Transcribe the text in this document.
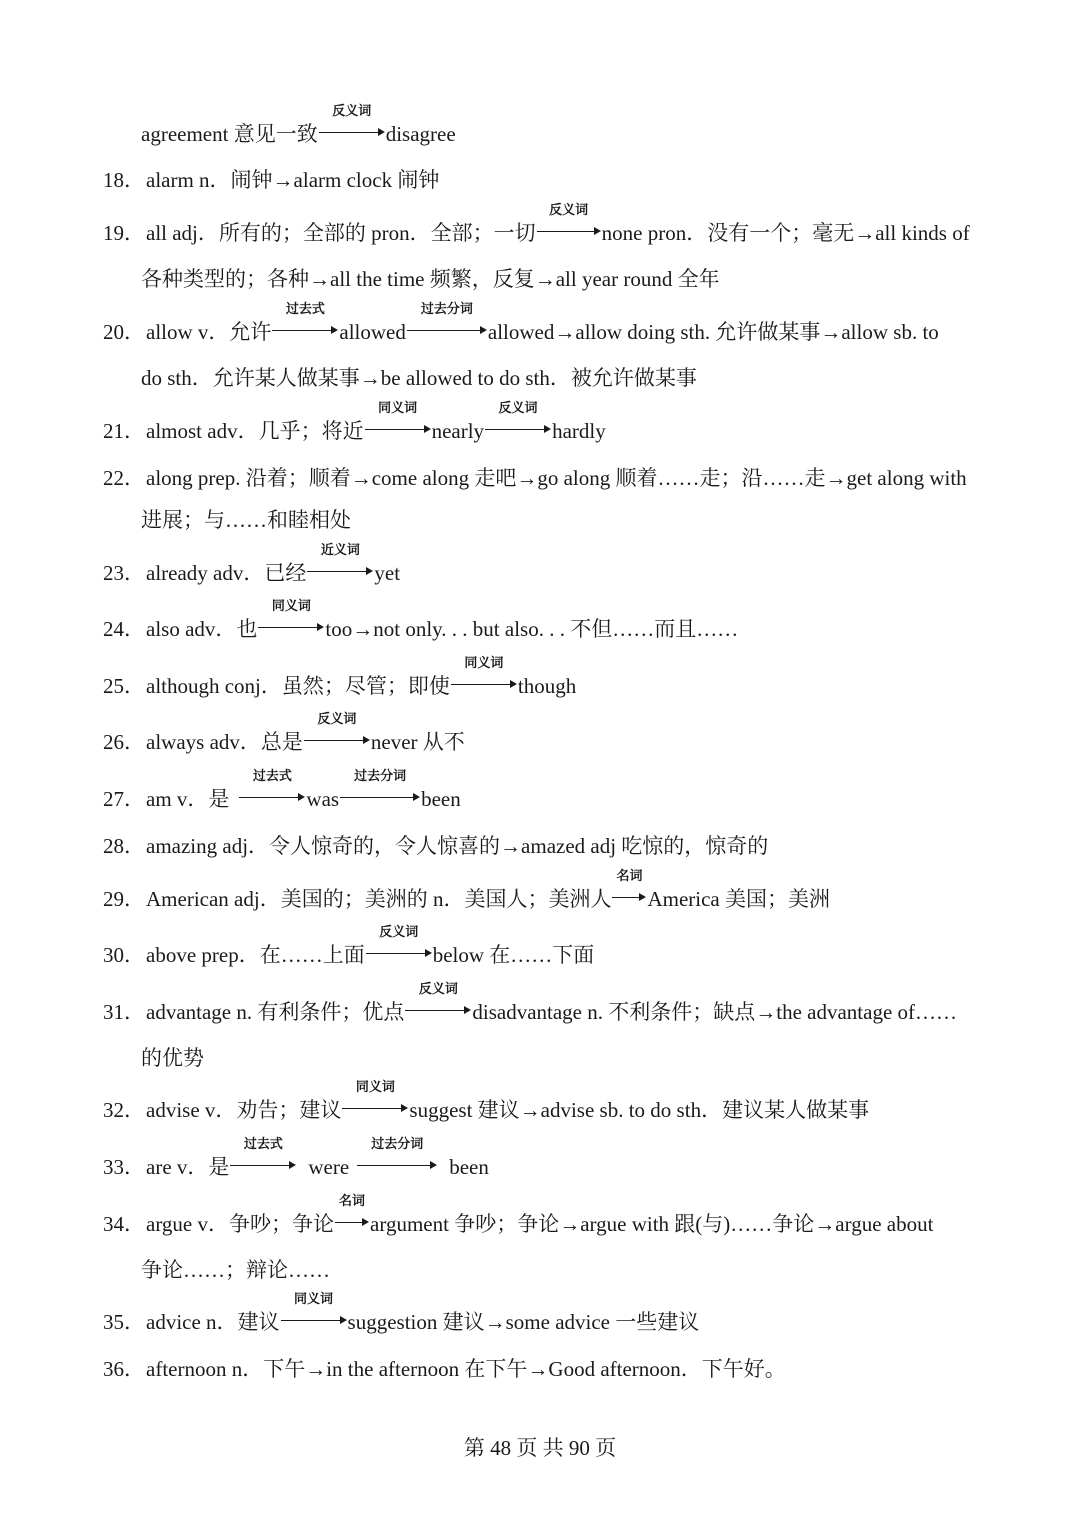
agreement 意见一致
反义词
disagree
18． alarm n．闹钟→alarm clock 闹钟
19． all adj．所有的；全部的 pron．全部；一切
反义词
none pron．没有一个；毫无→all kinds of
各种类型的；各种→all the time 频繁，反复→all year round 全年
20． allow v．允许
过去式
allowed
过去分词
allowed→allow doing sth. 允许做某事→allow sb. to
do sth．允许某人做某事→be allowed to do sth．被允许做某事
21． almost adv．几乎；将近
同义词
nearly
反义词
hardly
22． along prep. 沿着；顺着→come along 走吧→go along 顺着……走；沿……走→get along with
进展；与……和睦相处
23． already adv．已经
近义词
yet
24． also adv．也
同义词
too→not only. . . but also. . . 不但……而且……
25． although conj．虽然；尽管；即使
同义词
though
26． always adv．总是
反义词
never 从不
27． am v．是
过去式
was
过去分词
been
28． amazing adj．令人惊奇的，令人惊喜的→amazed adj 吃惊的，惊奇的
29． American adj．美国的；美洲的 n．美国人；美洲人
名词
America 美国；美洲
30． above prep．在……上面
反义词
below 在……下面
31． advantage n. 有利条件；优点
反义词
disadvantage n. 不利条件；缺点→the advantage of……
的优势
32． advise v．劝告；建议
同义词
suggest 建议→advise sb. to do sth．建议某人做某事
33． are v．是
过去式
were
过去分词
been
34． argue v．争吵；争论
名词
argument 争吵；争论→argue with 跟(与)……争论→argue about
争论……；辩论……
35． advice n．建议
同义词
suggestion 建议→some advice 一些建议
36． afternoon n．下午→in the afternoon 在下午→Good afternoon．下午好。
第 48 页 共 90 页
